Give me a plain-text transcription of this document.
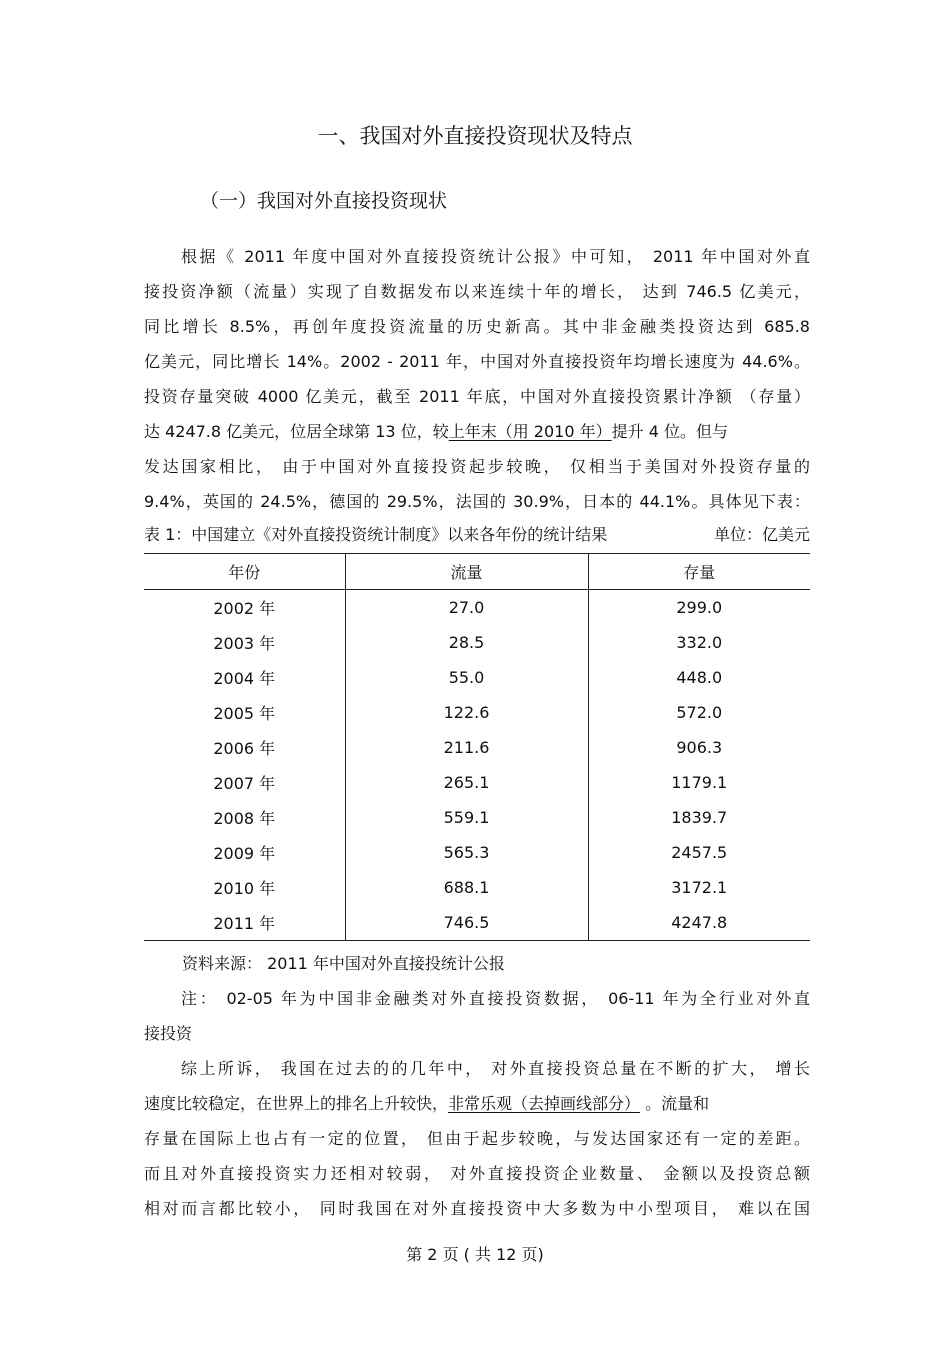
一、我国对外直接投资现状及特点
（一）我国对外直接投资现状
根据《 2011 年度中国对外直接投资统计公报》中可知， 2011 年中国对外直
接投资净额（流量）实现了自数据发布以来连续十年的增长， 达到 746.5 亿美元，
同比增长 8.5%，再创年度投资流量的历史新高。其中非金融类投资达到 685.8
亿美元，同比增长 14%。2002 - 2011 年，中国对外直接投资年均增长速度为 44.6%。
投资存量突破 4000 亿美元，截至 2011 年底，中国对外直接投资累计净额 （存量）
达 4247.8 亿美元，位居全球第 13 位，较上年末（用 2010 年）提升 4 位。但与
发达国家相比， 由于中国对外直接投资起步较晚， 仅相当于美国对外投资存量的
9.4%，英国的 24.5%，德国的 29.5%，法国的 30.9%，日本的 44.1%。具体见下表：
表 1：中国建立《对外直接投资统计制度》以来各年份的统计结果	单位：亿美元
年份	流量	存量
2002 年	27.0	299.0
2003 年	28.5	332.0
2004 年	55.0	448.0
2005 年	122.6	572.0
2006 年	211.6	906.3
2007 年	265.1	1179.1
2008 年	559.1	1839.7
2009 年	565.3	2457.5
2010 年	688.1	3172.1
2011 年	746.5	4247.8
资料来源： 2011 年中国对外直接投统计公报
注： 02-05 年为中国非金融类对外直接投资数据， 06-11 年为全行业对外直
接投资
综上所诉， 我国在过去的的几年中， 对外直接投资总量在不断的扩大， 增长
速度比较稳定，在世界上的排名上升较快，非常乐观（去掉画线部分） 。流量和
存量在国际上也占有一定的位置， 但由于起步较晚，与发达国家还有一定的差距。
而且对外直接投资实力还相对较弱， 对外直接投资企业数量、 金额以及投资总额
相对而言都比较小， 同时我国在对外直接投资中大多数为中小型项目， 难以在国
第 2 页 ( 共 12 页)
